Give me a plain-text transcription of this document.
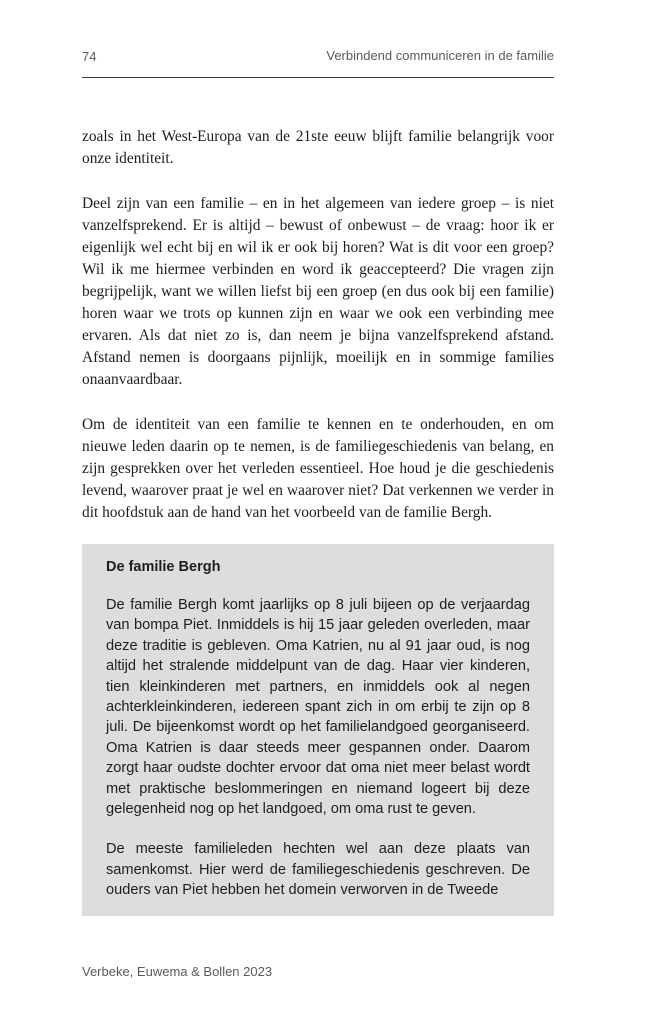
74	Verbindend communiceren in de familie

zoals in het West-Europa van de 21ste eeuw blijft familie belangrijk voor onze identiteit.

Deel zijn van een familie – en in het algemeen van iedere groep – is niet vanzelfsprekend. Er is altijd – bewust of onbewust – de vraag: hoor ik er eigenlijk wel echt bij en wil ik er ook bij horen? Wat is dit voor een groep? Wil ik me hiermee verbinden en word ik geaccepteerd? Die vragen zijn begrijpelijk, want we willen liefst bij een groep (en dus ook bij een familie) horen waar we trots op kunnen zijn en waar we ook een verbinding mee ervaren. Als dat niet zo is, dan neem je bijna vanzelfsprekend afstand. Afstand nemen is doorgaans pijnlijk, moeilijk en in sommige families onaanvaardbaar.

Om de identiteit van een familie te kennen en te onderhouden, en om nieuwe leden daarin op te nemen, is de familiegeschiedenis van belang, en zijn gesprekken over het verleden essentieel. Hoe houd je die geschiedenis levend, waarover praat je wel en waarover niet? Dat verkennen we verder in dit hoofdstuk aan de hand van het voorbeeld van de familie Bergh.

De familie Bergh

De familie Bergh komt jaarlijks op 8 juli bijeen op de verjaardag van bompa Piet. Inmiddels is hij 15 jaar geleden overleden, maar deze traditie is gebleven. Oma Katrien, nu al 91 jaar oud, is nog altijd het stralende middelpunt van de dag. Haar vier kinderen, tien kleinkinderen met partners, en inmiddels ook al negen achterkleinkinderen, iedereen spant zich in om erbij te zijn op 8 juli. De bijeenkomst wordt op het familielandgoed georganiseerd. Oma Katrien is daar steeds meer gespannen onder. Daarom zorgt haar oudste dochter ervoor dat oma niet meer belast wordt met praktische beslommeringen en niemand logeert bij deze gelegenheid nog op het landgoed, om oma rust te geven.

De meeste familieleden hechten wel aan deze plaats van samenkomst. Hier werd de familiegeschiedenis geschreven. De ouders van Piet hebben het domein verworven in de Tweede

Verbeke, Euwema & Bollen 2023
